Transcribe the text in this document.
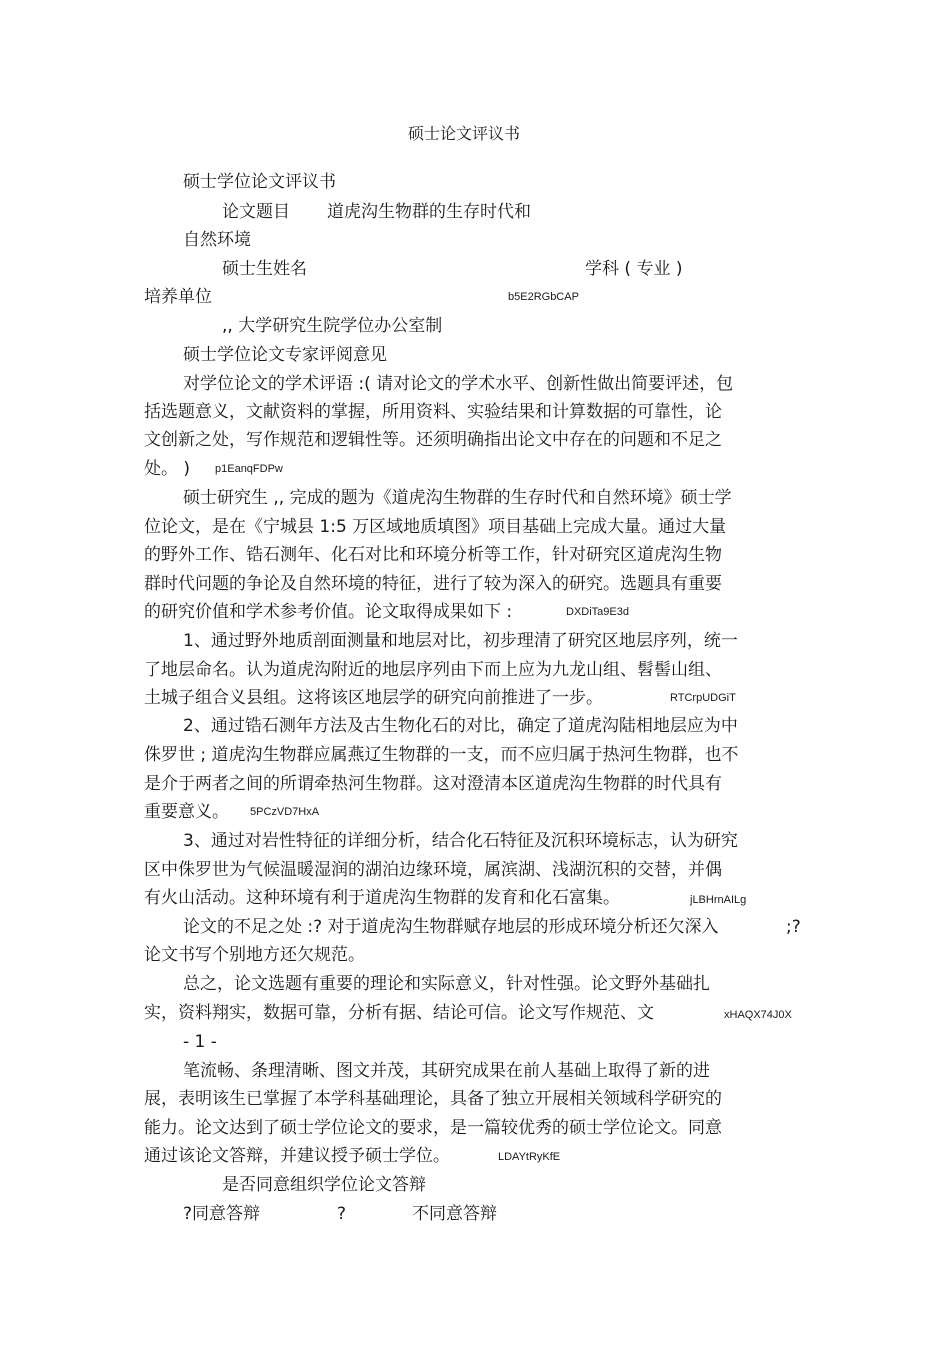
硕士论文评议书
硕士学位论文评议书
论文题目 道虎沟生物群的生存时代和
自然环境
硕士生姓名	学科 ( 专业 )
培养单位	b5E2RGbCAP
,, 大学研究生院学位办公室制
硕士学位论文专家评阅意见
对学位论文的学术评语 :( 请对论文的学术水平、创新性做出简要评述，包
括选题意义，文献资料的掌握，所用资料、实验结果和计算数据的可靠性，论
文创新之处，写作规范和逻辑性等。还须明确指出论文中存在的问题和不足之
处。 ) p1EanqFDPw
硕士研究生 ,, 完成的题为《道虎沟生物群的生存时代和自然环境》硕士学
位论文，是在《宁城县 1:5 万区域地质填图》项目基础上完成大量。通过大量
的野外工作、锆石测年、化石对比和环境分析等工作，针对研究区道虎沟生物
群时代问题的争论及自然环境的特征，进行了较为深入的研究。选题具有重要
的研究价值和学术参考价值。论文取得成果如下 :	DXDiTa9E3d
1、通过野外地质剖面测量和地层对比，初步理清了研究区地层序列，统一
了地层命名。认为道虎沟附近的地层序列由下而上应为九龙山组、髫髻山组、
土城子组合义县组。这将该区地层学的研究向前推进了一步。	RTCrpUDGiT
2、通过锆石测年方法及古生物化石的对比，确定了道虎沟陆相地层应为中
侏罗世 ; 道虎沟生物群应属燕辽生物群的一支，而不应归属于热河生物群，也不
是介于两者之间的所谓牵热河生物群。这对澄清本区道虎沟生物群的时代具有
重要意义。 5PCzVD7HxA
3、通过对岩性特征的详细分析，结合化石特征及沉积环境标志，认为研究
区中侏罗世为气候温暖湿润的湖泊边缘环境，属滨湖、浅湖沉积的交替，并偶
有火山活动。这种环境有利于道虎沟生物群的发育和化石富集。	jLBHrnAILg
论文的不足之处 :? 对于道虎沟生物群赋存地层的形成环境分析还欠深入	;?
论文书写个别地方还欠规范。
总之，论文选题有重要的理论和实际意义，针对性强。论文野外基础扎
实，资料翔实，数据可靠，分析有据、结论可信。论文写作规范、文	xHAQX74J0X
- 1 -
笔流畅、条理清晰、图文并茂，其研究成果在前人基础上取得了新的进
展，表明该生已掌握了本学科基础理论，具备了独立开展相关领域科学研究的
能力。论文达到了硕士学位论文的要求，是一篇较优秀的硕士学位论文。同意
通过该论文答辩，并建议授予硕士学位。	LDAYtRyKfE
是否同意组织学位论文答辩
?同意答辩	?	不同意答辩
